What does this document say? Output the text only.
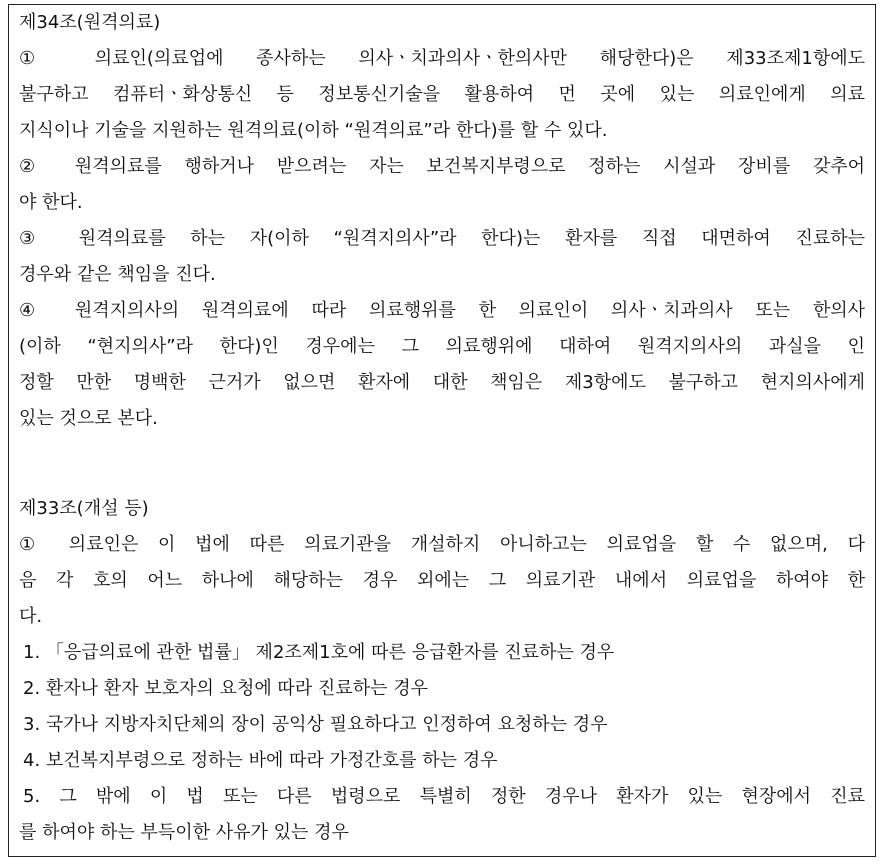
제34조(원격의료)
① 의료인(의료업에 종사하는 의사ㆍ치과의사ㆍ한의사만 해당한다)은 제33조제1항에도
불구하고 컴퓨터ㆍ화상통신 등 정보통신기술을 활용하여 먼 곳에 있는 의료인에게 의료
지식이나 기술을 지원하는 원격의료(이하 “원격의료”라 한다)를 할 수 있다.
② 원격의료를 행하거나 받으려는 자는 보건복지부령으로 정하는 시설과 장비를 갖추어
야 한다.
③ 원격의료를 하는 자(이하 “원격지의사”라 한다)는 환자를 직접 대면하여 진료하는
경우와 같은 책임을 진다.
④ 원격지의사의 원격의료에 따라 의료행위를 한 의료인이 의사ㆍ치과의사 또는 한의사
(이하 “현지의사”라 한다)인 경우에는 그 의료행위에 대하여 원격지의사의 과실을 인
정할 만한 명백한 근거가 없으면 환자에 대한 책임은 제3항에도 불구하고 현지의사에게
있는 것으로 본다.
제33조(개설 등)
① 의료인은 이 법에 따른 의료기관을 개설하지 아니하고는 의료업을 할 수 없으며, 다
음 각 호의 어느 하나에 해당하는 경우 외에는 그 의료기관 내에서 의료업을 하여야 한
다.
1. 「응급의료에 관한 법률」 제2조제1호에 따른 응급환자를 진료하는 경우
2. 환자나 환자 보호자의 요청에 따라 진료하는 경우
3. 국가나 지방자치단체의 장이 공익상 필요하다고 인정하여 요청하는 경우
4. 보건복지부령으로 정하는 바에 따라 가정간호를 하는 경우
5. 그 밖에 이 법 또는 다른 법령으로 특별히 정한 경우나 환자가 있는 현장에서 진료
를 하여야 하는 부득이한 사유가 있는 경우
